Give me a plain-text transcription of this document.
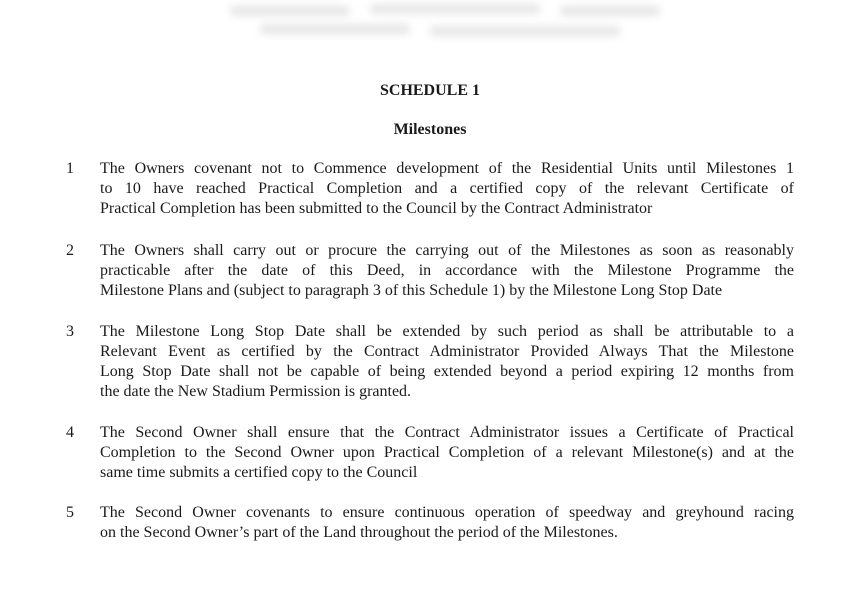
SCHEDULE 1
Milestones
1 The Owners covenant not to Commence development of the Residential Units until Milestones 1
to 10 have reached Practical Completion and a certified copy of the relevant Certificate of
Practical Completion has been submitted to the Council by the Contract Administrator

2 The Owners shall carry out or procure the carrying out of the Milestones as soon as reasonably
practicable after the date of this Deed, in accordance with the Milestone Programme the
Milestone Plans and (subject to paragraph 3 of this Schedule 1) by the Milestone Long Stop Date

3 The Milestone Long Stop Date shall be extended by such period as shall be attributable to a
Relevant Event as certified by the Contract Administrator Provided Always That the Milestone
Long Stop Date shall not be capable of being extended beyond a period expiring 12 months from
the date the New Stadium Permission is granted.

4 The Second Owner shall ensure that the Contract Administrator issues a Certificate of Practical
Completion to the Second Owner upon Practical Completion of a relevant Milestone(s) and at the
same time submits a certified copy to the Council

5 The Second Owner covenants to ensure continuous operation of speedway and greyhound racing
on the Second Owner’s part of the Land throughout the period of the Milestones.
